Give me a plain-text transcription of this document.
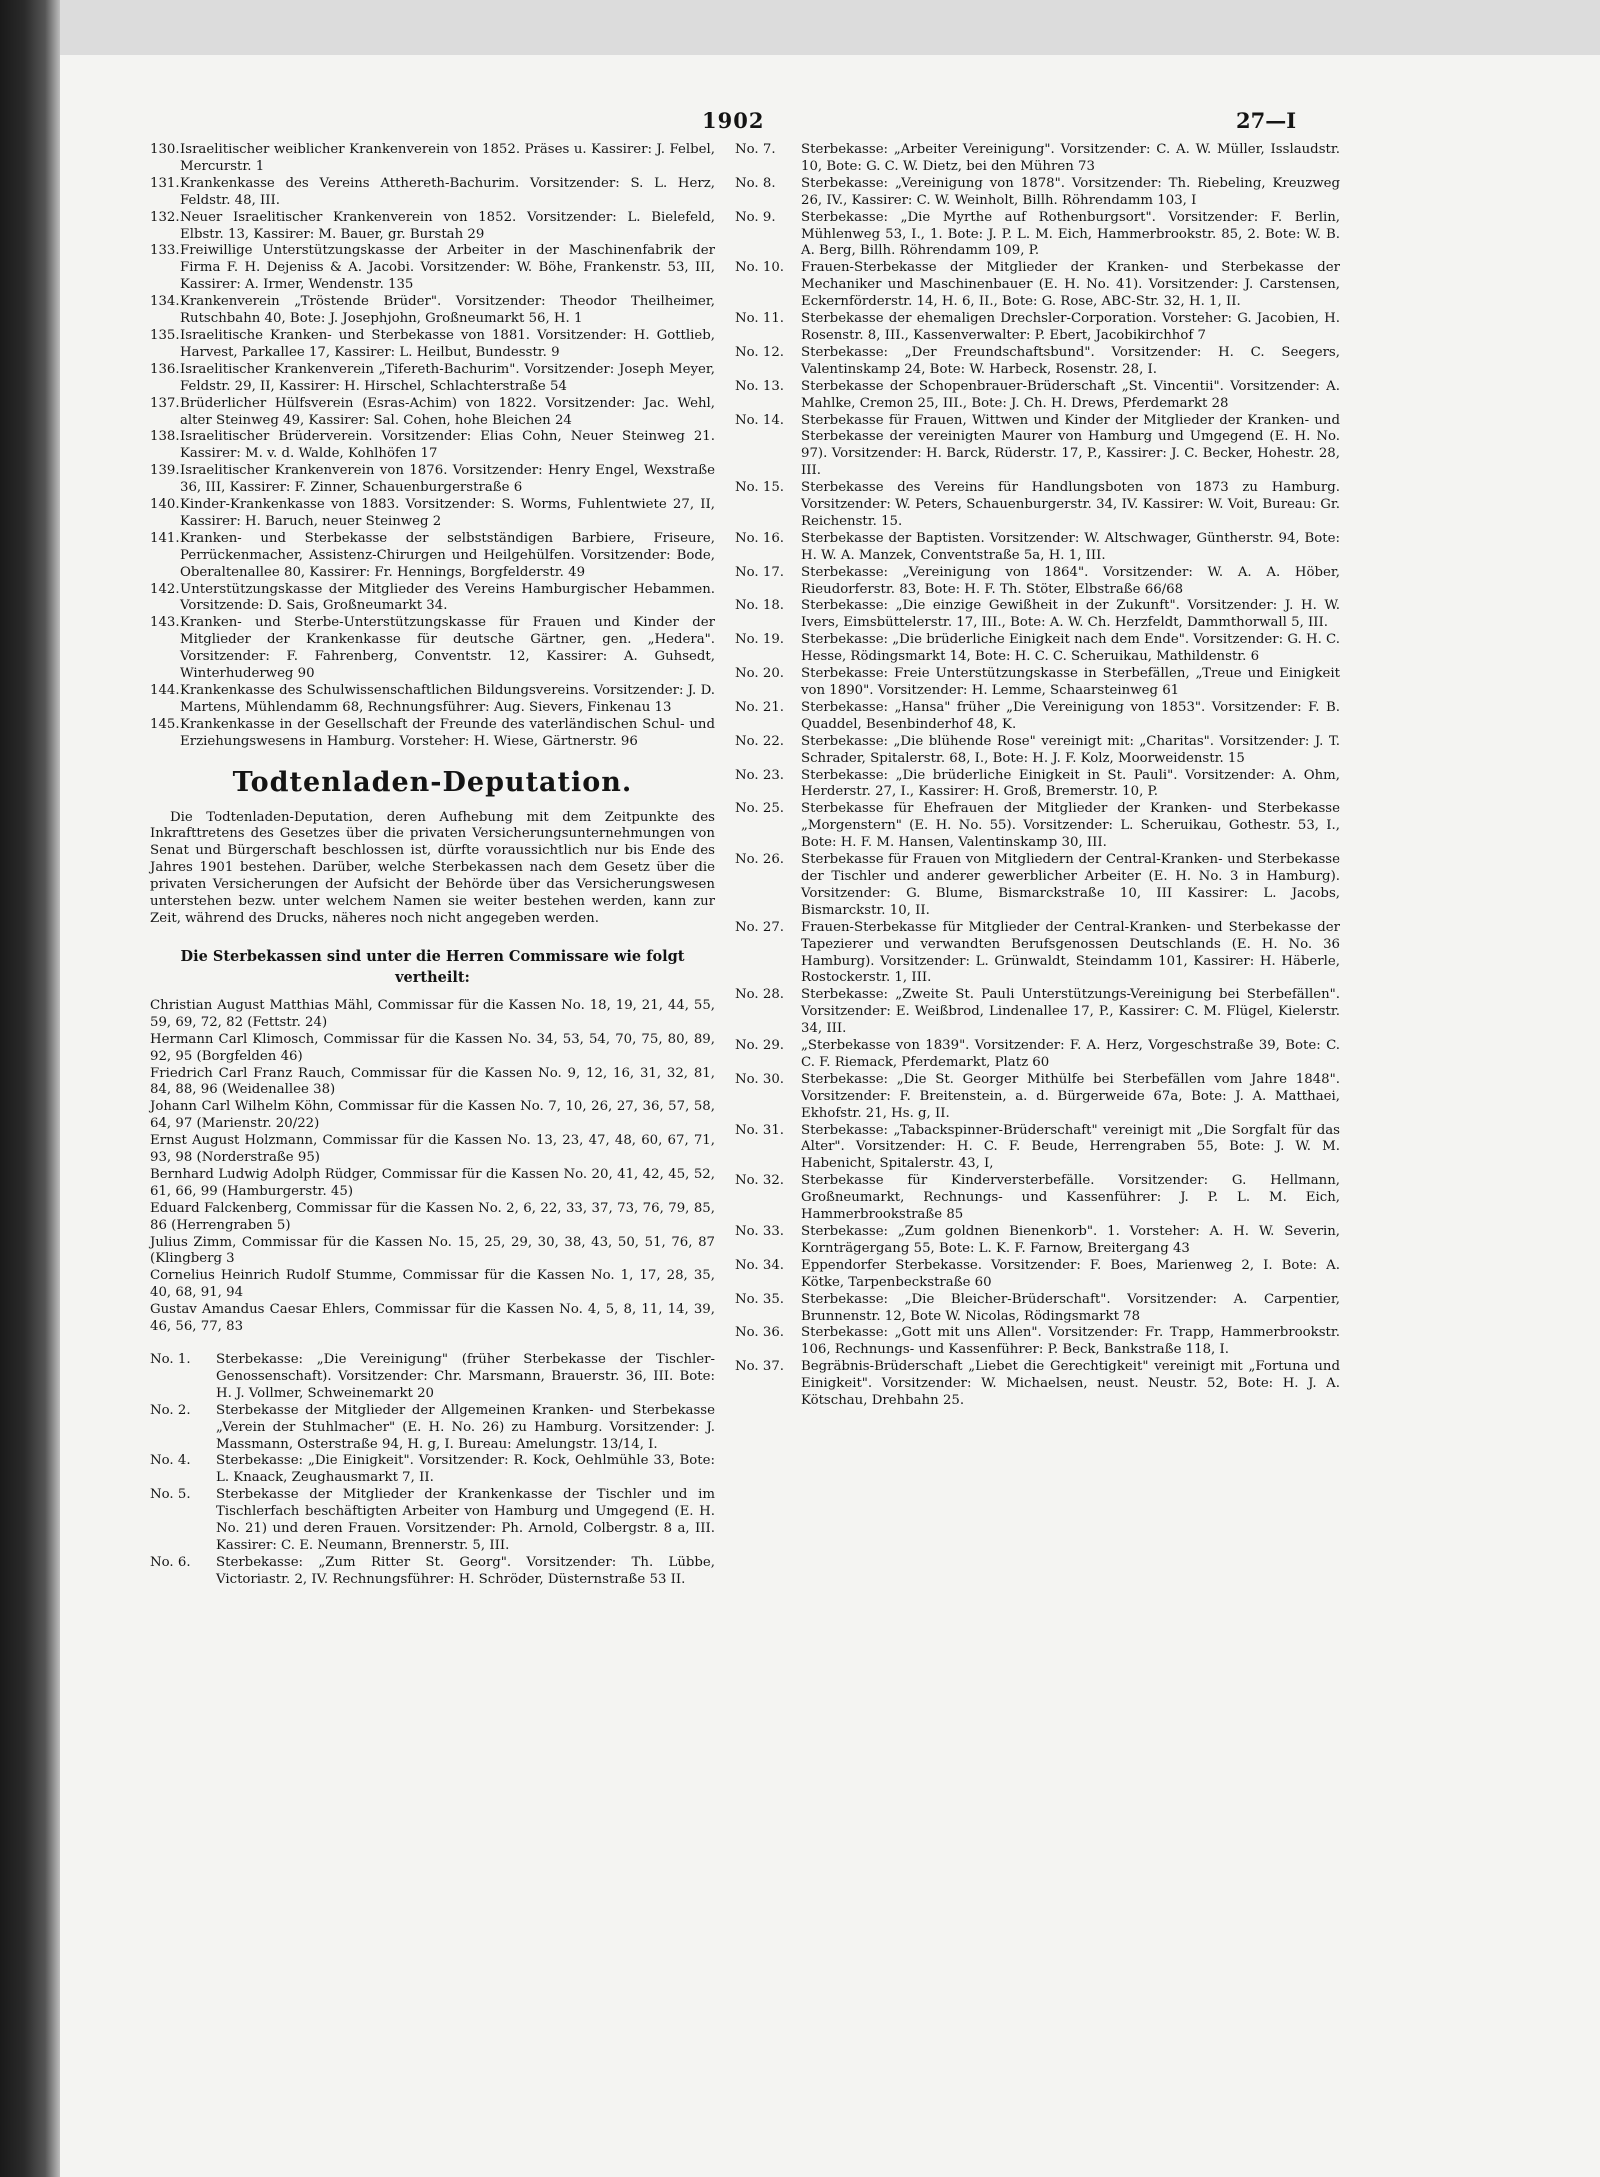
1902	27—I
130. Israelitischer weiblicher Krankenverein von 1852. Präses u. Kassirer: J. Felbel, Mercurstr. 1
131. Krankenkasse des Vereins Atthereth-Bachurim. Vorsitzender: S. L. Herz, Feldstr. 48, III.
132. Neuer Israelitischer Krankenverein von 1852. Vorsitzender: L. Bielefeld, Elbstr. 13, Kassirer: M. Bauer, gr. Burstah 29
133. Freiwillige Unterstützungskasse der Arbeiter in der Maschinenfabrik der Firma F. H. Dejeniss & A. Jacobi. Vorsitzender: W. Böhe, Frankenstr. 53, III, Kassirer: A. Irmer, Wendenstr. 135
134. Krankenverein „Tröstende Brüder". Vorsitzender: Theodor Theilheimer, Rutschbahn 40, Bote: J. Josephjohn, Großneumarkt 56, H. 1
135. Israelitische Kranken- und Sterbekasse von 1881. Vorsitzender: H. Gottlieb, Harvest, Parkallee 17, Kassirer: L. Heilbut, Bundesstr. 9
136. Israelitischer Krankenverein „Tifereth-Bachurim". Vorsitzender: Joseph Meyer, Feldstr. 29, II, Kassirer: H. Hirschel, Schlachterstraße 54
137. Brüderlicher Hülfsverein (Esras-Achim) von 1822. Vorsitzender: Jac. Wehl, alter Steinweg 49, Kassirer: Sal. Cohen, hohe Bleichen 24
138. Israelitischer Brüderverein. Vorsitzender: Elias Cohn, Neuer Steinweg 21. Kassirer: M. v. d. Walde, Kohlhöfen 17
139. Israelitischer Krankenverein von 1876. Vorsitzender: Henry Engel, Wexstraße 36, III, Kassirer: F. Zinner, Schauenburgerstraße 6
140. Kinder-Krankenkasse von 1883. Vorsitzender: S. Worms, Fuhlentwiete 27, II, Kassirer: H. Baruch, neuer Steinweg 2
141. Kranken- und Sterbekasse der selbstständigen Barbiere, Friseure, Perrückenmacher, Assistenz-Chirurgen und Heilgehülfen. Vorsitzender: Bode, Oberaltenallee 80, Kassirer: Fr. Hennings, Borgfelderstr. 49
142. Unterstützungskasse der Mitglieder des Vereins Hamburgischer Hebammen. Vorsitzende: D. Sais, Großneumarkt 34.
143. Kranken- und Sterbe-Unterstützungskasse für Frauen und Kinder der Mitglieder der Krankenkasse für deutsche Gärtner, gen. „Hedera". Vorsitzender: F. Fahrenberg, Conventstr. 12, Kassirer: A. Guhsedt, Winterhuderweg 90
144. Krankenkasse des Schulwissenschaftlichen Bildungsvereins. Vorsitzender: J. D. Martens, Mühlendamm 68, Rechnungsführer: Aug. Sievers, Finkenau 13
145. Krankenkasse in der Gesellschaft der Freunde des vaterländischen Schul- und Erziehungswesens in Hamburg. Vorsteher: H. Wiese, Gärtnerstr. 96
Todtenladen-Deputation.

Die Todtenladen-Deputation, deren Aufhebung mit dem Zeitpunkte des Inkrafttretens des Gesetzes über die privaten Versicherungsunternehmungen von Senat und Bürgerschaft beschlossen ist, dürfte voraussichtlich nur bis Ende des Jahres 1901 bestehen. Darüber, welche Sterbekassen nach dem Gesetz über die privaten Versicherungen der Aufsicht der Behörde über das Versicherungswesen unterstehen bezw. unter welchem Namen sie weiter bestehen werden, kann zur Zeit, während des Drucks, näheres noch nicht angegeben werden.

Die Sterbekassen sind unter die Herren Commissare wie folgt vertheilt:

Christian August Matthias Mähl, Commissar für die Kassen No. 18, 19, 21, 44, 55, 59, 69, 72, 82 (Fettstr. 24)

Hermann Carl Klimosch, Commissar für die Kassen No. 34, 53, 54, 70, 75, 80, 89, 92, 95 (Borgfelden 46)

Friedrich Carl Franz Rauch, Commissar für die Kassen No. 9, 12, 16, 31, 32, 81, 84, 88, 96 (Weidenallee 38)

Johann Carl Wilhelm Köhn, Commissar für die Kassen No. 7, 10, 26, 27, 36, 57, 58, 64, 97 (Marienstr. 20/22)

Ernst August Holzmann, Commissar für die Kassen No. 13, 23, 47, 48, 60, 67, 71, 93, 98 (Norderstraße 95)

Bernhard Ludwig Adolph Rüdger, Commissar für die Kassen No. 20, 41, 42, 45, 52, 61, 66, 99 (Hamburgerstr. 45)

Eduard Falckenberg, Commissar für die Kassen No. 2, 6, 22, 33, 37, 73, 76, 79, 85, 86 (Herrengraben 5)

Julius Zimm, Commissar für die Kassen No. 15, 25, 29, 30, 38, 43, 50, 51, 76, 87 (Klingberg 3

Cornelius Heinrich Rudolf Stumme, Commissar für die Kassen No. 1, 17, 28, 35, 40, 68, 91, 94

Gustav Amandus Caesar Ehlers, Commissar für die Kassen No. 4, 5, 8, 11, 14, 39, 46, 56, 77, 83

No. 1.	Sterbekasse: „Die Vereinigung" (früher Sterbekasse der Tischler-Genossenschaft). Vorsitzender: Chr. Marsmann, Brauerstr. 36, III. Bote: H. J. Vollmer, Schweinemarkt 20
No. 2.	Sterbekasse der Mitglieder der Allgemeinen Kranken- und Sterbekasse „Verein der Stuhlmacher" (E. H. No. 26) zu Hamburg. Vorsitzender: J. Massmann, Osterstraße 94, H. g, I. Bureau: Amelungstr. 13/14, I.
No. 4.	Sterbekasse: „Die Einigkeit". Vorsitzender: R. Kock, Oehlmühle 33, Bote: L. Knaack, Zeughausmarkt 7, II.
No. 5.	Sterbekasse der Mitglieder der Krankenkasse der Tischler und im Tischlerfach beschäftigten Arbeiter von Hamburg und Umgegend (E. H. No. 21) und deren Frauen. Vorsitzender: Ph. Arnold, Colbergstr. 8 a, III. Kassirer: C. E. Neumann, Brennerstr. 5, III.
No. 6.	Sterbekasse: „Zum Ritter St. Georg". Vorsitzender: Th. Lübbe, Victoriastr. 2, IV. Rechnungsführer: H. Schröder, Düsternstraße 53 II.
No. 7.	Sterbekasse: „Arbeiter Vereinigung". Vorsitzender: C. A. W. Müller, Isslaudstr. 10, Bote: G. C. W. Dietz, bei den Mühren 73
No. 8.	Sterbekasse: „Vereinigung von 1878". Vorsitzender: Th. Riebeling, Kreuzweg 26, IV., Kassirer: C. W. Weinholt, Billh. Röhrendamm 103, I
No. 9.	Sterbekasse: „Die Myrthe auf Rothenburgsort". Vorsitzender: F. Berlin, Mühlenweg 53, I., 1. Bote: J. P. L. M. Eich, Hammerbrookstr. 85, 2. Bote: W. B. A. Berg, Billh. Röhrendamm 109, P.
No. 10.	Frauen-Sterbekasse der Mitglieder der Kranken- und Sterbekasse der Mechaniker und Maschinenbauer (E. H. No. 41). Vorsitzender: J. Carstensen, Eckernförderstr. 14, H. 6, II., Bote: G. Rose, ABC-Str. 32, H. 1, II.
No. 11.	Sterbekasse der ehemaligen Drechsler-Corporation. Vorsteher: G. Jacobien, H. Rosenstr. 8, III., Kassenverwalter: P. Ebert, Jacobikirchhof 7
No. 12.	Sterbekasse: „Der Freundschaftsbund". Vorsitzender: H. C. Seegers, Valentinskamp 24, Bote: W. Harbeck, Rosenstr. 28, I.
No. 13.	Sterbekasse der Schopenbrauer-Brüderschaft „St. Vincentii". Vorsitzender: A. Mahlke, Cremon 25, III., Bote: J. Ch. H. Drews, Pferdemarkt 28
No. 14.	Sterbekasse für Frauen, Wittwen und Kinder der Mitglieder der Kranken- und Sterbekasse der vereinigten Maurer von Hamburg und Umgegend (E. H. No. 97). Vorsitzender: H. Barck, Rüderstr. 17, P., Kassirer: J. C. Becker, Hohestr. 28, III.
No. 15.	Sterbekasse des Vereins für Handlungsboten von 1873 zu Hamburg. Vorsitzender: W. Peters, Schauenburgerstr. 34, IV. Kassirer: W. Voit, Bureau: Gr. Reichenstr. 15.
No. 16.	Sterbekasse der Baptisten. Vorsitzender: W. Altschwager, Güntherstr. 94, Bote: H. W. A. Manzek, Conventstraße 5a, H. 1, III.
No. 17.	Sterbekasse: „Vereinigung von 1864". Vorsitzender: W. A. A. Höber, Rieudorferstr. 83, Bote: H. F. Th. Stöter, Elbstraße 66/68
No. 18.	Sterbekasse: „Die einzige Gewißheit in der Zukunft". Vorsitzender: J. H. W. Ivers, Eimsbüttelerstr. 17, III., Bote: A. W. Ch. Herzfeldt, Dammthorwall 5, III.
No. 19.	Sterbekasse: „Die brüderliche Einigkeit nach dem Ende". Vorsitzender: G. H. C. Hesse, Rödingsmarkt 14, Bote: H. C. C. Scheruikau, Mathildenstr. 6
No. 20.	Sterbekasse: Freie Unterstützungskasse in Sterbefällen, „Treue und Einigkeit von 1890". Vorsitzender: H. Lemme, Schaarsteinweg 61
No. 21.	Sterbekasse: „Hansa" früher „Die Vereinigung von 1853". Vorsitzender: F. B. Quaddel, Besenbinderhof 48, K.
No. 22.	Sterbekasse: „Die blühende Rose" vereinigt mit: „Charitas". Vorsitzender: J. T. Schrader, Spitalerstr. 68, I., Bote: H. J. F. Kolz, Moorweidenstr. 15
No. 23.	Sterbekasse: „Die brüderliche Einigkeit in St. Pauli". Vorsitzender: A. Ohm, Herderstr. 27, I., Kassirer: H. Groß, Bremerstr. 10, P.
No. 25.	Sterbekasse für Ehefrauen der Mitglieder der Kranken- und Sterbekasse „Morgenstern" (E. H. No. 55). Vorsitzender: L. Scheruikau, Gothestr. 53, I., Bote: H. F. M. Hansen, Valentinskamp 30, III.
No. 26.	Sterbekasse für Frauen von Mitgliedern der Central-Kranken- und Sterbekasse der Tischler und anderer gewerblicher Arbeiter (E. H. No. 3 in Hamburg). Vorsitzender: G. Blume, Bismarckstraße 10, III Kassirer: L. Jacobs, Bismarckstr. 10, II.
No. 27.	Frauen-Sterbekasse für Mitglieder der Central-Kranken- und Sterbekasse der Tapezierer und verwandten Berufsgenossen Deutschlands (E. H. No. 36 Hamburg). Vorsitzender: L. Grünwaldt, Steindamm 101, Kassirer: H. Häberle, Rostockerstr. 1, III.
No. 28.	Sterbekasse: „Zweite St. Pauli Unterstützungs-Vereinigung bei Sterbefällen". Vorsitzender: E. Weißbrod, Lindenallee 17, P., Kassirer: C. M. Flügel, Kielerstr. 34, III.
No. 29.	„Sterbekasse von 1839". Vorsitzender: F. A. Herz, Vorgeschstraße 39, Bote: C. C. F. Riemack, Pferdemarkt, Platz 60
No. 30.	Sterbekasse: „Die St. Georger Mithülfe bei Sterbefällen vom Jahre 1848". Vorsitzender: F. Breitenstein, a. d. Bürgerweide 67a, Bote: J. A. Matthaei, Ekhofstr. 21, Hs. g, II.
No. 31.	Sterbekasse: „Tabackspinner-Brüderschaft" vereinigt mit „Die Sorgfalt für das Alter". Vorsitzender: H. C. F. Beude, Herrengraben 55, Bote: J. W. M. Habenicht, Spitalerstr. 43, I,
No. 32.	Sterbekasse für Kinderversterbefälle. Vorsitzender: G. Hellmann, Großneumarkt, Rechnungs- und Kassenführer: J. P. L. M. Eich, Hammerbrookstraße 85
No. 33.	Sterbekasse: „Zum goldnen Bienenkorb". 1. Vorsteher: A. H. W. Severin, Kornträgergang 55, Bote: L. K. F. Farnow, Breitergang 43
No. 34.	Eppendorfer Sterbekasse. Vorsitzender: F. Boes, Marienweg 2, I. Bote: A. Kötke, Tarpenbeckstraße 60
No. 35.	Sterbekasse: „Die Bleicher-Brüderschaft". Vorsitzender: A. Carpentier, Brunnenstr. 12, Bote W. Nicolas, Rödingsmarkt 78
No. 36.	Sterbekasse: „Gott mit uns Allen". Vorsitzender: Fr. Trapp, Hammerbrookstr. 106, Rechnungs- und Kassenführer: P. Beck, Bankstraße 118, I.
No. 37.	Begräbnis-Brüderschaft „Liebet die Gerechtigkeit" vereinigt mit „Fortuna und Einigkeit". Vorsitzender: W. Michaelsen, neust. Neustr. 52, Bote: H. J. A. Kötschau, Drehbahn 25.
